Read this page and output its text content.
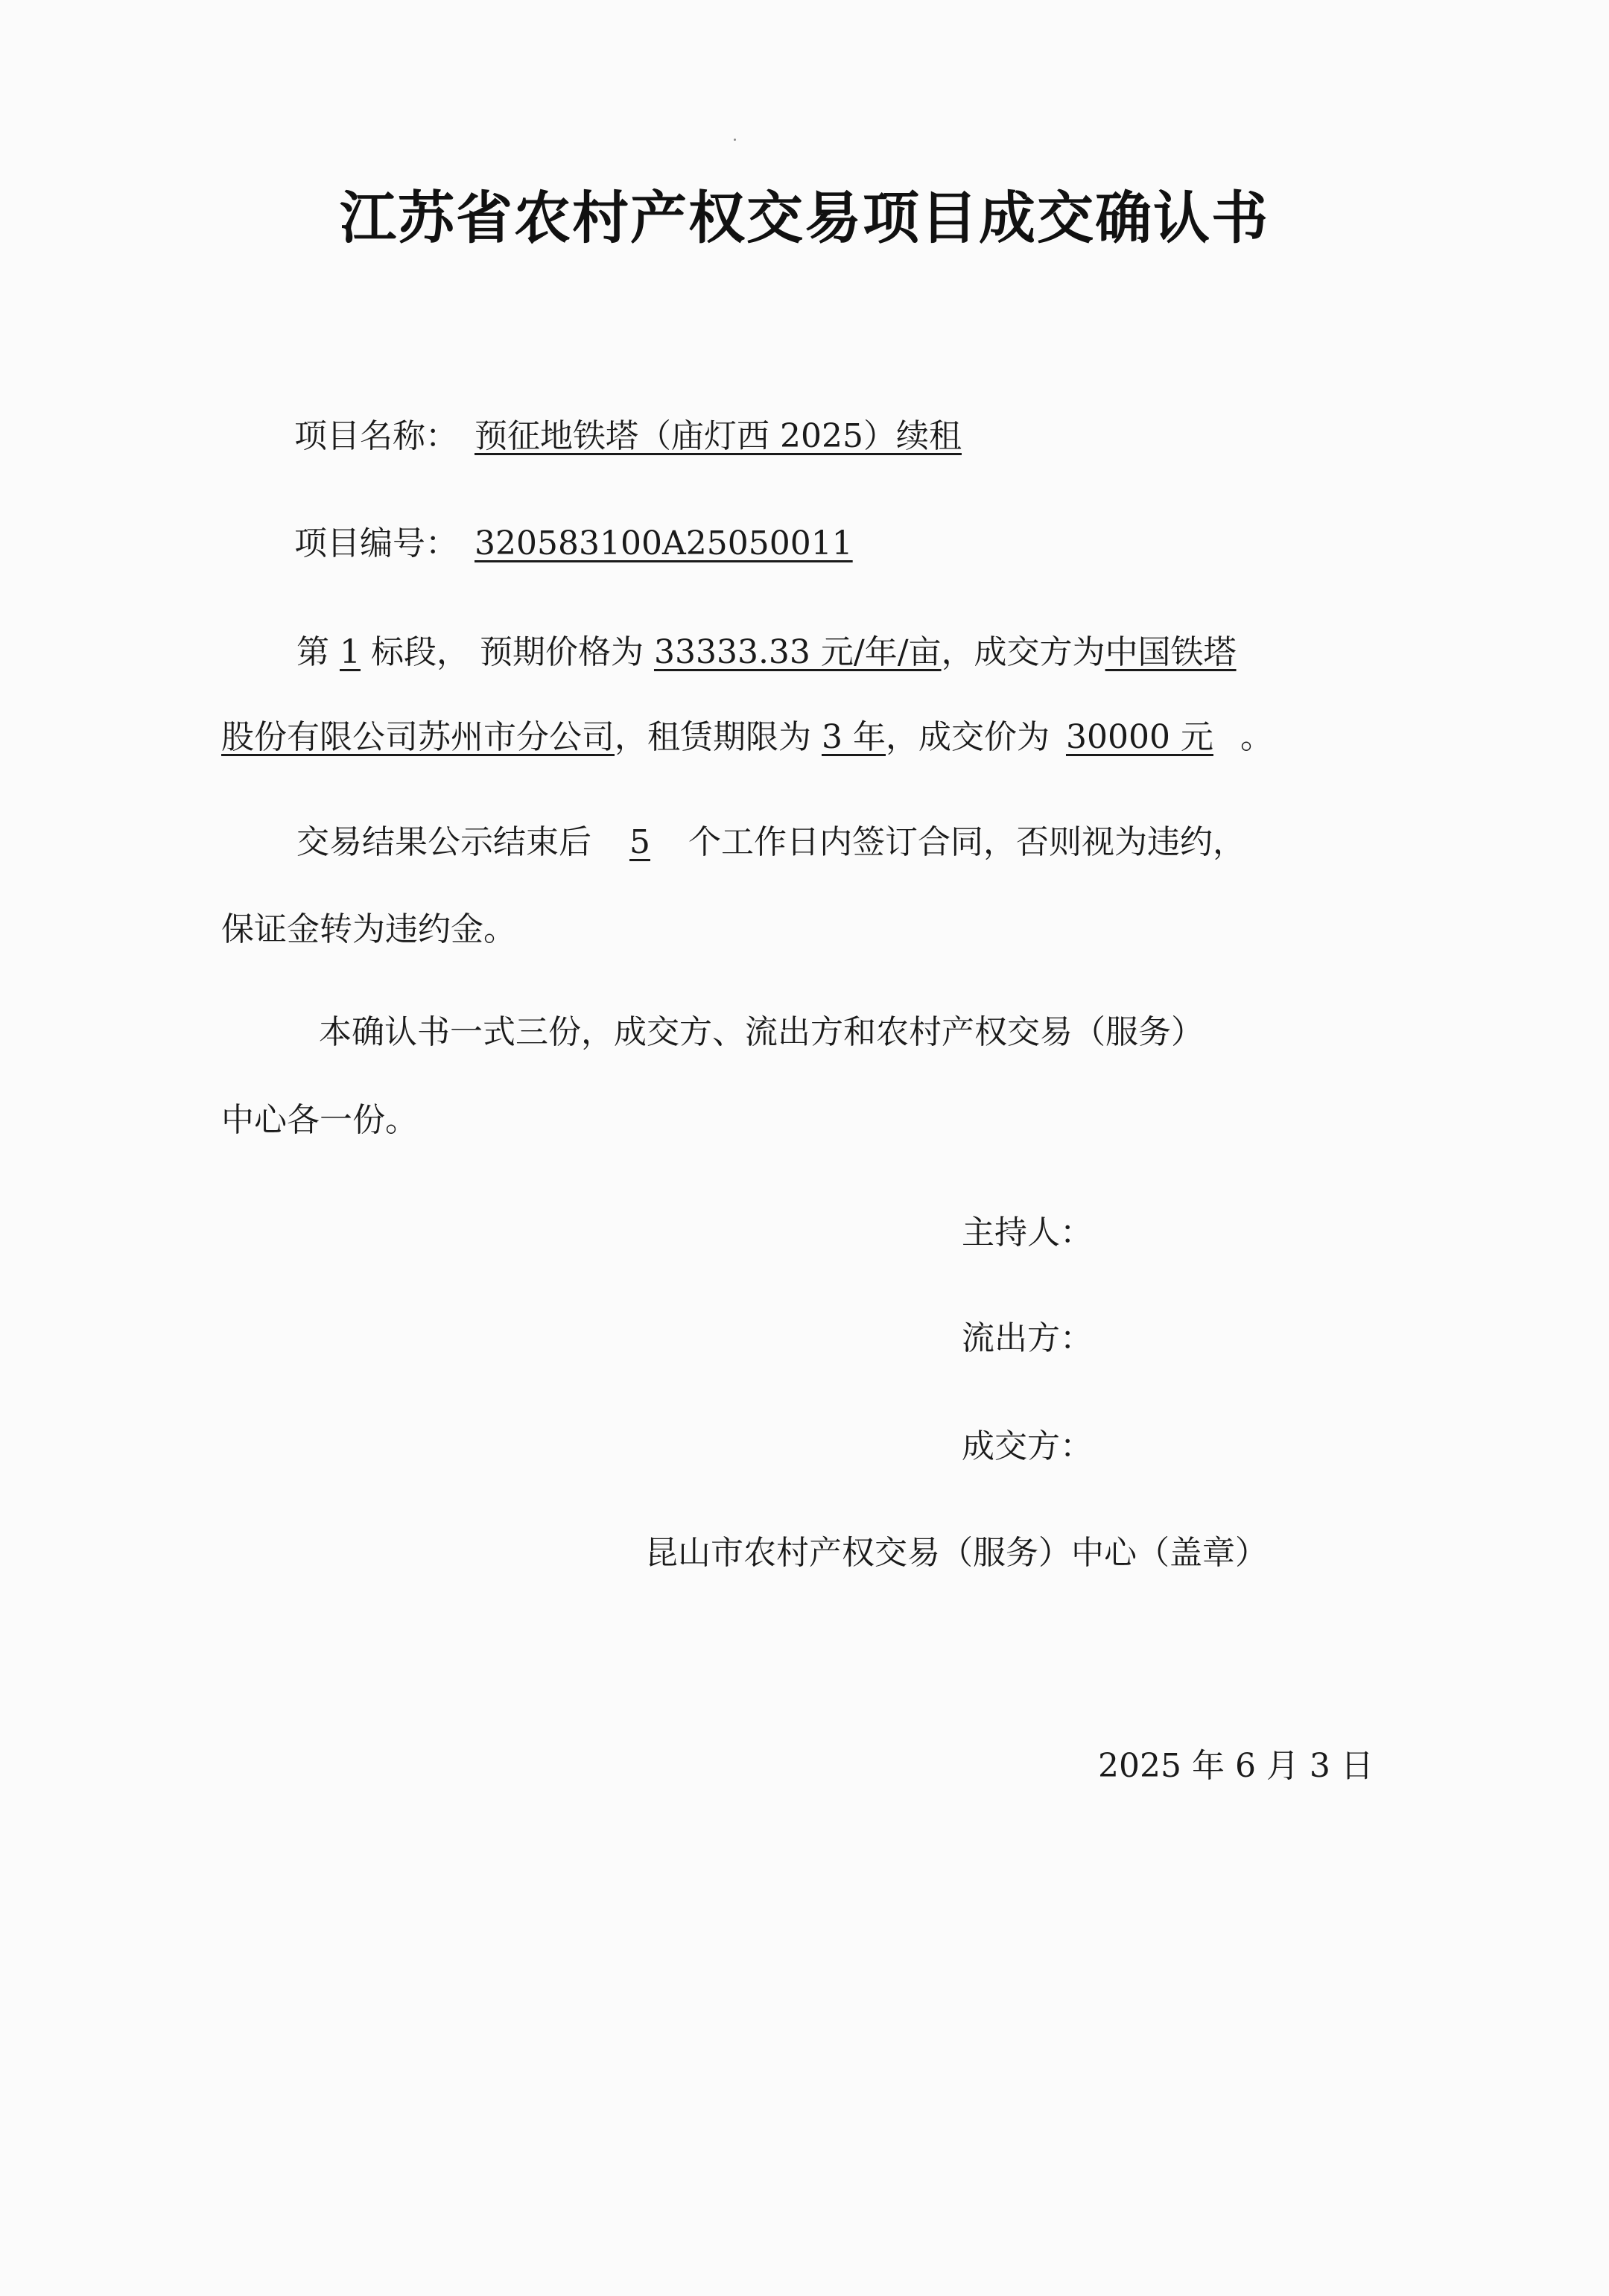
江苏省农村产权交易项目成交确认书
项目名称： 预征地铁塔（庙灯西 2025）续租
项目编号： 320583100A25050011
第 1 标段， 预期价格为 33333.33 元/年/亩，成交方为中国铁塔
股份有限公司苏州市分公司，租赁期限为 3 年，成交价为 30000 元 。
交易结果公示结束后 5 个工作日内签订合同，否则视为违约，
保证金转为违约金。
本确认书一式三份，成交方、流出方和农村产权交易（服务）
中心各一份。
主持人：
流出方：
成交方：
昆山市农村产权交易（服务）中心（盖章）
2025 年 6 月 3 日
